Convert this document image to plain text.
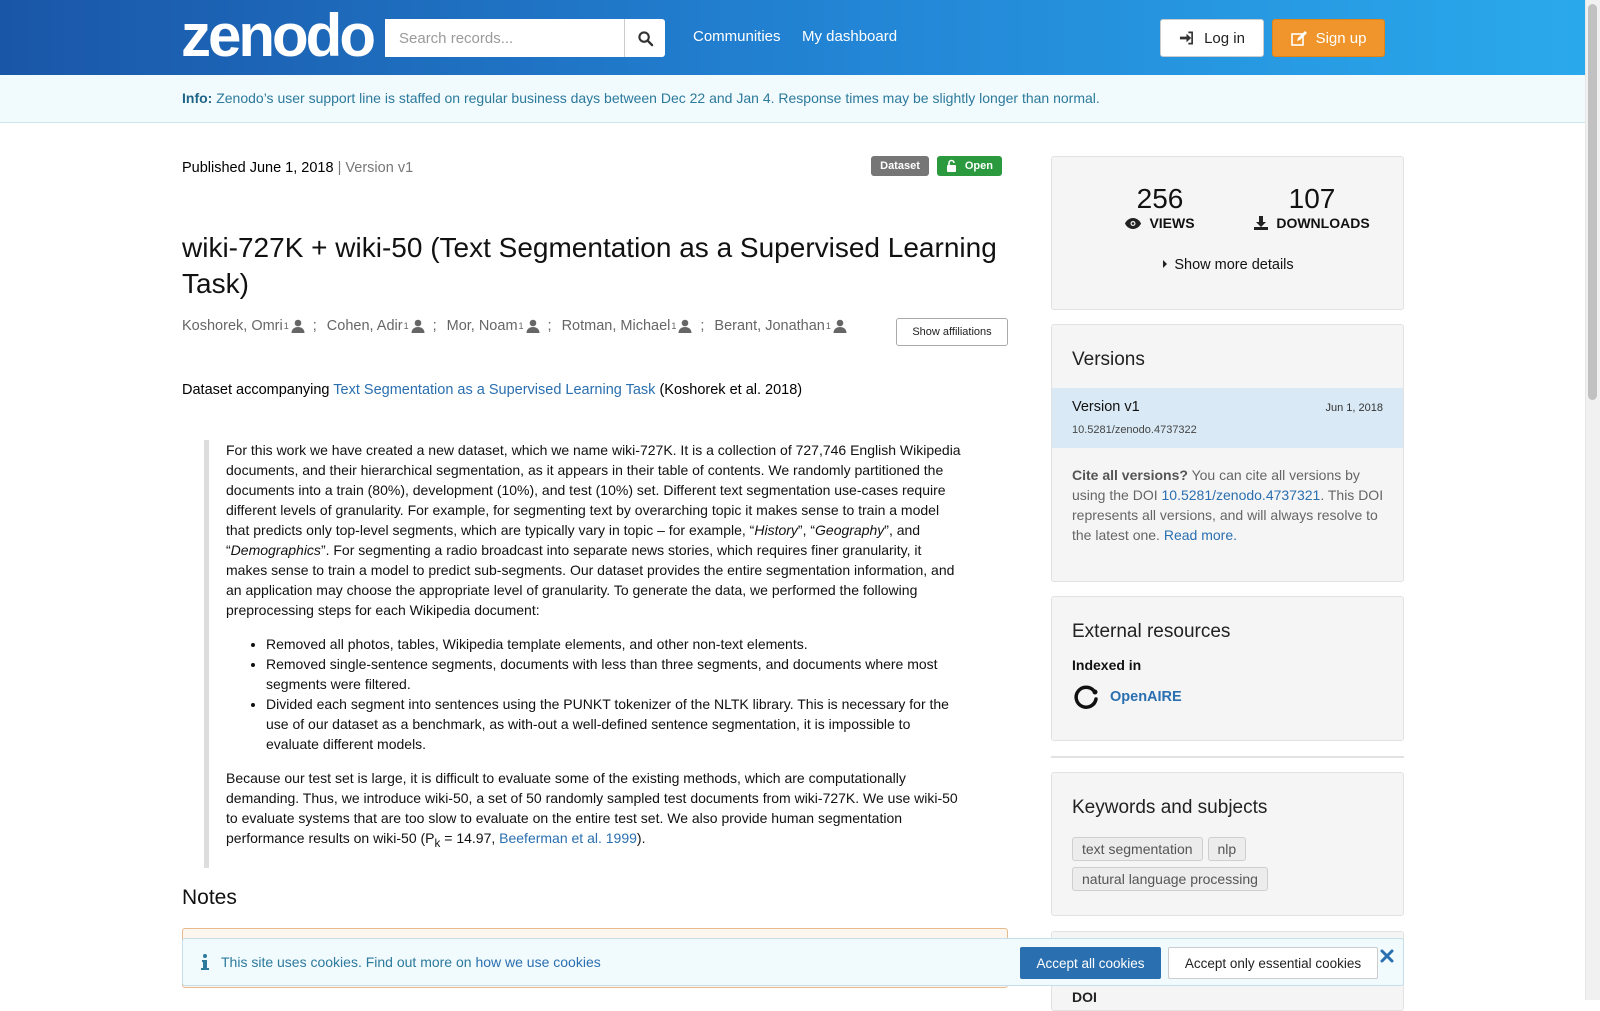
zenodo
Search records...	Communities My dashboard	Log in	Sign up
Info: Zenodo’s user support line is staffed on regular business days between Dec 22 and Jan 4. Response times may be slightly longer than normal.
Published June 1, 2018 | Version v1	Dataset	Open
wiki-727K + wiki-50 (Text Segmentation as a Supervised Learning Task)
Koshorek, Omri 1 ; Cohen, Adir 1 ; Mor, Noam 1 ; Rotman, Michael 1 ; Berant, Jonathan 1	Show affiliations
Dataset accompanying Text Segmentation as a Supervised Learning Task (Koshorek et al. 2018)

For this work we have created a new dataset, which we name wiki-727K. It is a collection of 727,746 English Wikipedia documents, and their hierarchical segmentation, as it appears in their table of contents. We randomly partitioned the documents into a train (80%), development (10%), and test (10%) set. Different text segmentation use-cases require different levels of granularity. For example, for segmenting text by overarching topic it makes sense to train a model that predicts only top-level segments, which are typically vary in topic – for example, “History”, “Geography”, and “Demographics”. For segmenting a radio broadcast into separate news stories, which requires finer granularity, it makes sense to train a model to predict sub-segments. Our dataset provides the entire segmentation information, and an application may choose the appropriate level of granularity. To generate the data, we performed the following preprocessing steps for each Wikipedia document:

• Removed all photos, tables, Wikipedia template elements, and other non-text elements.
• Removed single-sentence segments, documents with less than three segments, and documents where most segments were filtered.
• Divided each segment into sentences using the PUNKT tokenizer of the NLTK library. This is necessary for the use of our dataset as a benchmark, as with-out a well-defined sentence segmentation, it is impossible to evaluate different models.

Because our test set is large, it is difficult to evaluate some of the existing methods, which are computationally demanding. Thus, we introduce wiki-50, a set of 50 randomly sampled test documents from wiki-727K. We use wiki-50 to evaluate systems that are too slow to evaluate on the entire test set. We also provide human segmentation performance results on wiki-50 ($P_k = 14.97$, Beeferman et al. 1999).

Notes
256
VIEWS
107
DOWNLOADS
Show more details
Versions
Version v1	Jun 1, 2018
10.5281/zenodo.4737322
Cite all versions? You can cite all versions by using the DOI 10.5281/zenodo.4737321. This DOI represents all versions, and will always resolve to the latest one. Read more.
External resources
Indexed in
OpenAIRE
Keywords and subjects
text segmentation	nlp
natural language processing
DOI
This site uses cookies. Find out more on how we use cookies	Accept all cookies	Accept only essential cookies
